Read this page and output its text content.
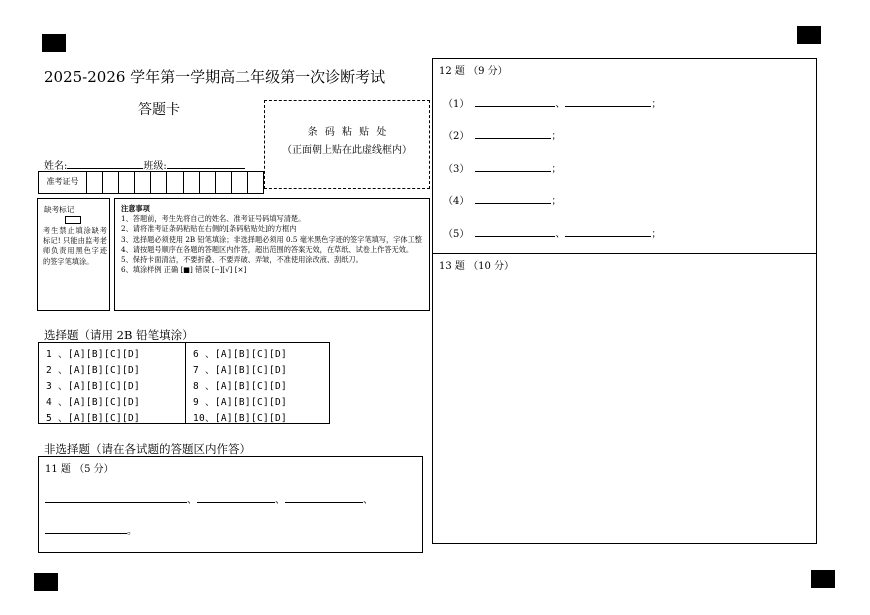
2025-2026 学年第一学期高二年级第一次诊断考试
答题卡
条 码 粘 贴 处
（正面朝上贴在此虚线框内）
姓名:	班级:
准考证号
缺考标记
考生禁止填涂缺考标记! 只能由监考老师负责用黑色字迹的签字笔填涂。
注意事项
1、答题前，考生先将自己的姓名、准考证号码填写清楚。
2、请将准考证条码粘贴在右侧的[条码粘贴处]的方框内
3、选择题必须使用 2B 铅笔填涂；非选择题必须用 0.5 毫米黑色字迹的签字笔填写，字体工整
4、请按题号顺序在各题的答题区内作答，超出范围的答案无效，在草纸、试卷上作答无效。
5、保持卡面清洁，不要折叠、不要弄破、弄皱，不准使用涂改液、刮纸刀。
6、填涂样例 正确 [■] 错误 [--][√] [×]
选择题（请用 2B 铅笔填涂）
1 、[A][B][C][D]
2 、[A][B][C][D]
3 、[A][B][C][D]
4 、[A][B][C][D]
5 、[A][B][C][D]
6 、[A][B][C][D]
7 、[A][B][C][D]
8 、[A][B][C][D]
9 、[A][B][C][D]
10、[A][B][C][D]
非选择题（请在各试题的答题区内作答）
11 题 （5 分）
、	、	、
。
12 题 （9 分）
（1）	、	；
（2）	；
（3）	；
（4）	；
（5）	、	；
13 题 （10 分）
